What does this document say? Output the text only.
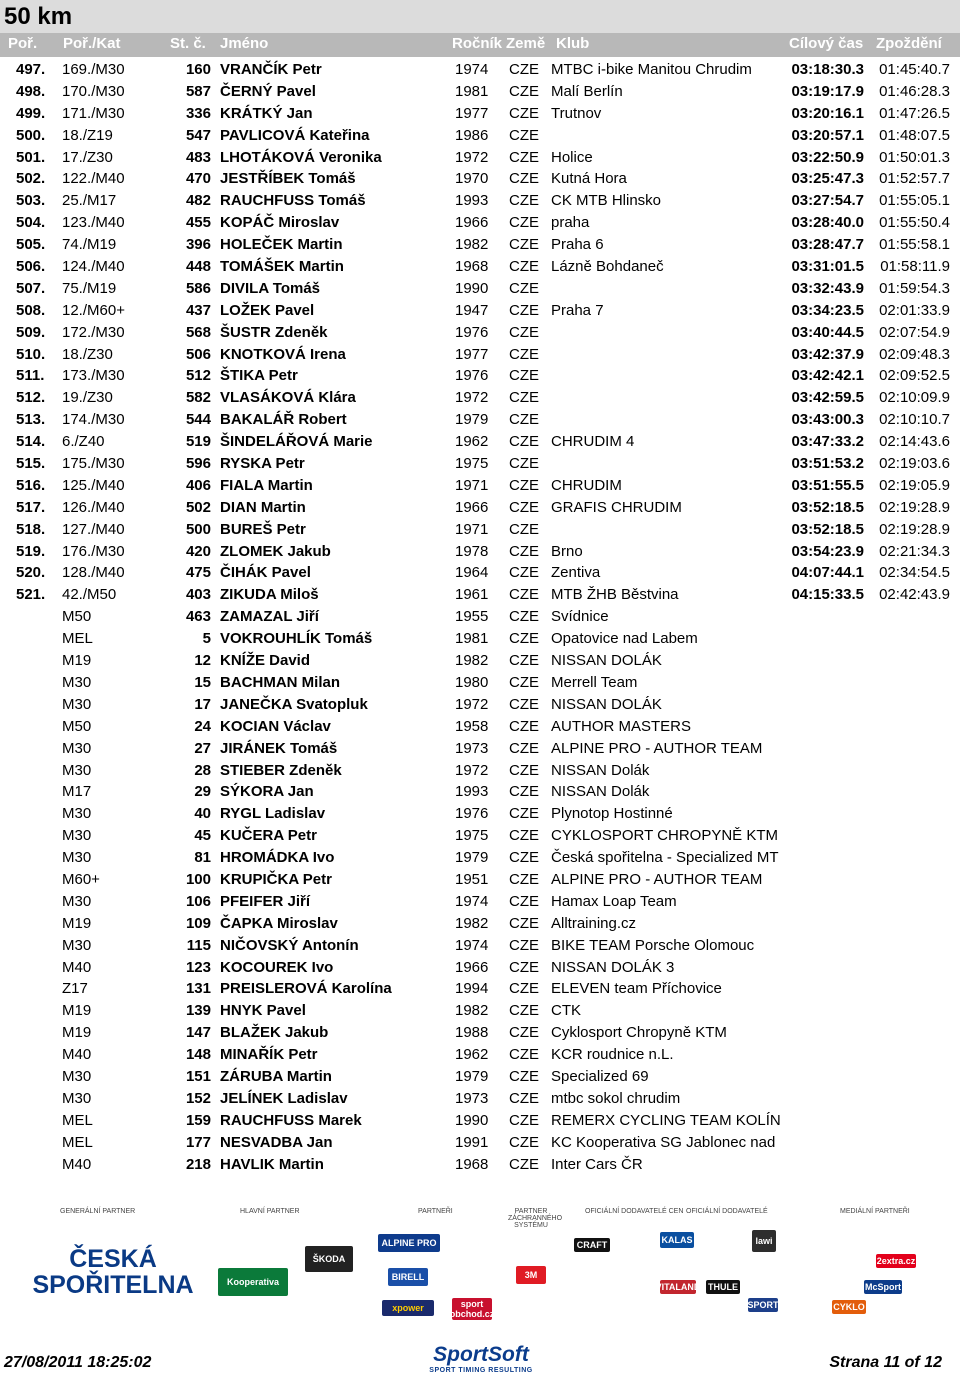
50 km
Poř. Poř./Kat	St. č. Jméno	Ročník Země Klub	Cílový čas Zpoždění
497. 169./M30	160 VRANČÍK Petr	1974 CZE MTBC i-bike Manitou Chrudim	03:18:30.3 01:45:40.7
498. 170./M30	587 ČERNÝ Pavel	1981 CZE Malí Berlín	03:19:17.9 01:46:28.3
499. 171./M30	336 KRÁTKÝ Jan	1977 CZE Trutnov	03:20:16.1 01:47:26.5
500. 18./Z19	547 PAVLICOVÁ Kateřina	1986 CZE	03:20:57.1 01:48:07.5
501. 17./Z30	483 LHOTÁKOVÁ Veronika	1972 CZE Holice	03:22:50.9 01:50:01.3
502. 122./M40	470 JESTŘÍBEK Tomáš	1970 CZE Kutná Hora	03:25:47.3 01:52:57.7
503. 25./M17	482 RAUCHFUSS Tomáš	1993 CZE CK MTB Hlinsko	03:27:54.7 01:55:05.1
504. 123./M40	455 KOPÁČ Miroslav	1966 CZE praha	03:28:40.0 01:55:50.4
505. 74./M19	396 HOLEČEK Martin	1982 CZE Praha 6	03:28:47.7 01:55:58.1
506. 124./M40	448 TOMÁŠEK Martin	1968 CZE Lázně Bohdaneč	03:31:01.5 01:58:11.9
507. 75./M19	586 DIVILA Tomáš	1990 CZE	03:32:43.9 01:59:54.3
508. 12./M60+	437 LOŽEK Pavel	1947 CZE Praha 7	03:34:23.5 02:01:33.9
509. 172./M30	568 ŠUSTR Zdeněk	1976 CZE	03:40:44.5 02:07:54.9
510. 18./Z30	506 KNOTKOVÁ Irena	1977 CZE	03:42:37.9 02:09:48.3
511. 173./M30	512 ŠTIKA Petr	1976 CZE	03:42:42.1 02:09:52.5
512. 19./Z30	582 VLASÁKOVÁ Klára	1972 CZE	03:42:59.5 02:10:09.9
513. 174./M30	544 BAKALÁŘ Robert	1979 CZE	03:43:00.3 02:10:10.7
514. 6./Z40	519 ŠINDELÁŘOVÁ Marie	1962 CZE CHRUDIM 4	03:47:33.2 02:14:43.6
515. 175./M30	596 RYSKA Petr	1975 CZE	03:51:53.2 02:19:03.6
516. 125./M40	406 FIALA Martin	1971 CZE CHRUDIM	03:51:55.5 02:19:05.9
517. 126./M40	502 DIAN Martin	1966 CZE GRAFIS CHRUDIM	03:52:18.5 02:19:28.9
518. 127./M40	500 BUREŠ Petr	1971 CZE	03:52:18.5 02:19:28.9
519. 176./M30	420 ZLOMEK Jakub	1978 CZE Brno	03:54:23.9 02:21:34.3
520. 128./M40	475 ČIHÁK Pavel	1964 CZE Zentiva	04:07:44.1 02:34:54.5
521. 42./M50	403 ZIKUDA Miloš	1961 CZE MTB ŽHB Běstvina	04:15:33.5 02:42:43.9
M50	463 ZAMAZAL Jiří	1955 CZE Svídnice
MEL	5 VOKROUHLÍK Tomáš	1981 CZE Opatovice nad Labem
M19	12 KNÍŽE David	1982 CZE NISSAN DOLÁK
M30	15 BACHMAN Milan	1980 CZE Merrell Team
M30	17 JANEČKA Svatopluk	1972 CZE NISSAN DOLÁK
M50	24 KOCIAN Václav	1958 CZE AUTHOR MASTERS
M30	27 JIRÁNEK Tomáš	1973 CZE ALPINE PRO - AUTHOR TEAM
M30	28 STIEBER Zdeněk	1972 CZE NISSAN Dolák
M17	29 SÝKORA Jan	1993 CZE NISSAN Dolák
M30	40 RYGL Ladislav	1976 CZE Plynotop Hostinné
M30	45 KUČERA Petr	1975 CZE CYKLOSPORT CHROPYNĚ KTM
M30	81 HROMÁDKA Ivo	1979 CZE Česká spořitelna - Specialized MT
M60+	100 KRUPIČKA Petr	1951 CZE ALPINE PRO - AUTHOR TEAM
M30	106 PFEIFER Jiří	1974 CZE Hamax Loap Team
M19	109 ČAPKA Miroslav	1982 CZE Alltraining.cz
M30	115 NIČOVSKÝ Antonín	1974 CZE BIKE TEAM Porsche Olomouc
M40	123 KOCOUREK Ivo	1966 CZE NISSAN DOLÁK 3
Z17	131 PREISLEROVÁ Karolína	1994 CZE ELEVEN team Příchovice
M19	139 HNYK Pavel	1982 CZE CTK
M19	147 BLAŽEK Jakub	1988 CZE Cyklosport Chropyně KTM
M40	148 MINAŘÍK Petr	1962 CZE KCR roudnice n.L.
M30	151 ZÁRUBA Martin	1979 CZE Specialized 69
M30	152 JELÍNEK Ladislav	1973 CZE mtbc sokol chrudim
MEL	159 RAUCHFUSS Marek	1990 CZE REMERX CYCLING TEAM KOLÍN
MEL	177 NESVADBA Jan	1991 CZE KC Kooperativa SG Jablonec nad
M40	218 HAVLIK Martin	1968 CZE Inter Cars ČR
GENERÁLNÍ PARTNER	HLAVNÍ PARTNER	PARTNEŘI	PARTNER ZÁCHRANNÉHO SYSTÉMU
OFICIÁLNÍ DODAVATELÉ CEN OFICIÁLNÍ DODAVATELÉ	MEDIÁLNÍ PARTNEŘI
ČESKÁ SPOŘITELNA	Kooperativa
ŠKODA
ALPINE PRO
BIRELL
xpower	sport obchod.cz
3M
CRAFT	KALAS	lawi
VITALAND THULE
SPORT
2extra.cz
McSport
CYKLO
27/08/2011 18:25:02	SportSoft
SPORT TIMING RESULTING	Strana 11 of 12
